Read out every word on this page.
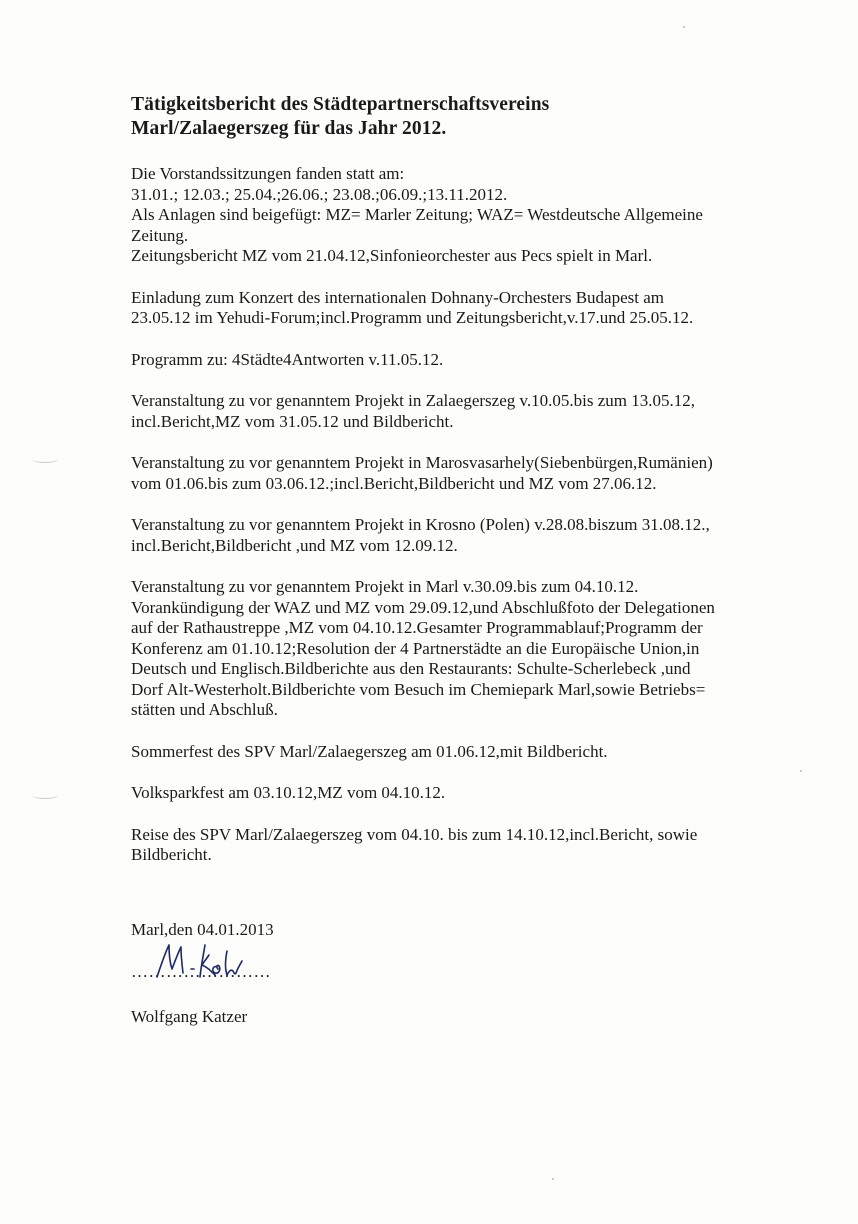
Tätigkeitsbericht des Städtepartnerschaftsvereins
Marl/Zalaegerszeg für das Jahr 2012.
Die Vorstandssitzungen fanden statt am:
31.01.; 12.03.; 25.04.;26.06.; 23.08.;06.09.;13.11.2012.
Als Anlagen sind beigefügt: MZ= Marler Zeitung; WAZ= Westdeutsche Allgemeine
Zeitung.
Zeitungsbericht MZ vom 21.04.12,Sinfonieorchester aus Pecs spielt in Marl.
Einladung zum Konzert des internationalen Dohnany-Orchesters Budapest am
23.05.12 im Yehudi-Forum;incl.Programm und Zeitungsbericht,v.17.und 25.05.12.
Programm zu: 4Städte4Antworten v.11.05.12.
Veranstaltung zu vor genanntem Projekt in Zalaegerszeg v.10.05.bis zum 13.05.12,
incl.Bericht,MZ vom 31.05.12 und Bildbericht.
Veranstaltung zu vor genanntem Projekt in Marosvasarhely(Siebenbürgen,Rumänien)
vom 01.06.bis zum 03.06.12.;incl.Bericht,Bildbericht und MZ vom 27.06.12.
Veranstaltung zu vor genanntem Projekt in Krosno (Polen) v.28.08.biszum 31.08.12.,
incl.Bericht,Bildbericht ,und MZ vom 12.09.12.
Veranstaltung zu vor genanntem Projekt in Marl v.30.09.bis zum 04.10.12.
Vorankündigung der WAZ und MZ vom 29.09.12,und Abschlußfoto der Delegationen
auf der Rathaustreppe ,MZ vom 04.10.12.Gesamter Programmablauf;Programm der
Konferenz am 01.10.12;Resolution der 4 Partnerstädte an die Europäische Union,in
Deutsch und Englisch.Bildberichte aus den Restaurants: Schulte-Scherlebeck ,und
Dorf Alt-Westerholt.Bildberichte vom Besuch im Chemiepark Marl,sowie Betriebs=
stätten und Abschluß.
Sommerfest des SPV Marl/Zalaegerszeg am 01.06.12,mit Bildbericht.
Volksparkfest am 03.10.12,MZ vom 04.10.12.
Reise des SPV Marl/Zalaegerszeg vom 04.10. bis zum 14.10.12,incl.Bericht, sowie
Bildbericht.
Marl,den 04.01.2013
……………………
Wolfgang Katzer
